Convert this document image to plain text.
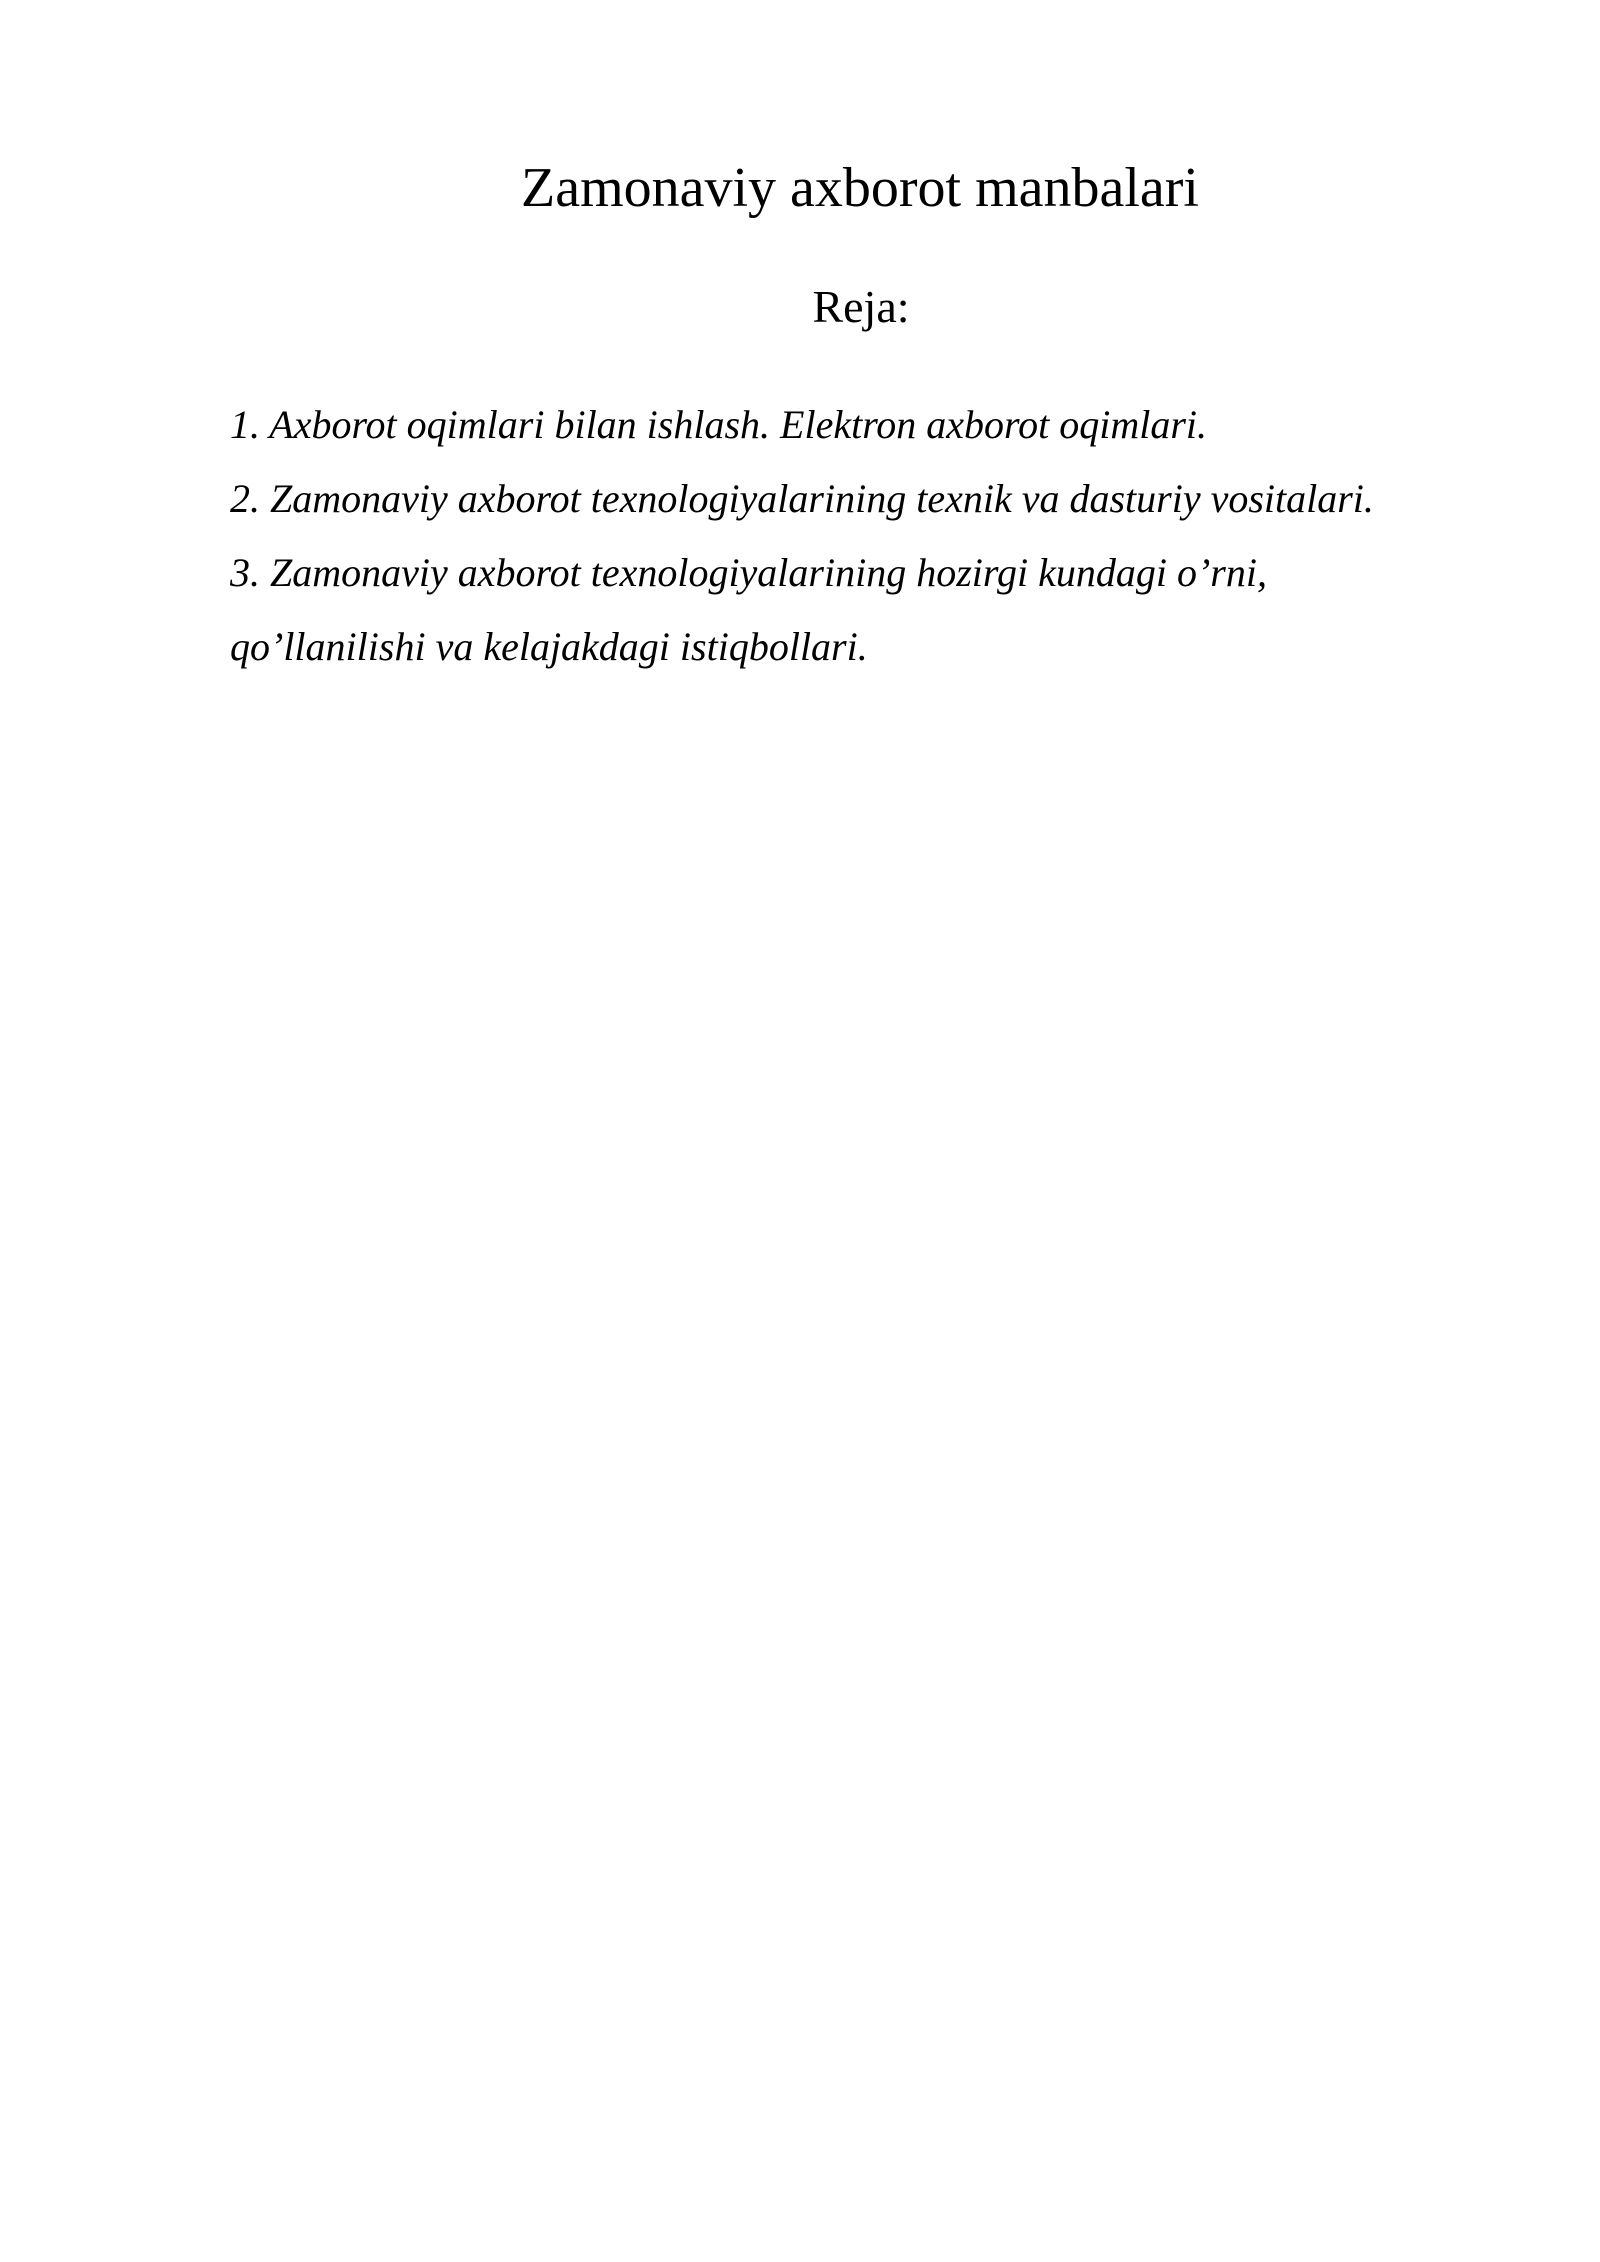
Zamonaviy axborot manbalari
Reja:
1. Axborot oqimlari bilan ishlash. Elektron axborot oqimlari.
2. Zamonaviy axborot texnologiyalarining texnik va dasturiy vositalari.
3. Zamonaviy axborot texnologiyalarining hozirgi kundagi o’rni,
qo’llanilishi va kelajakdagi istiqbollari.
